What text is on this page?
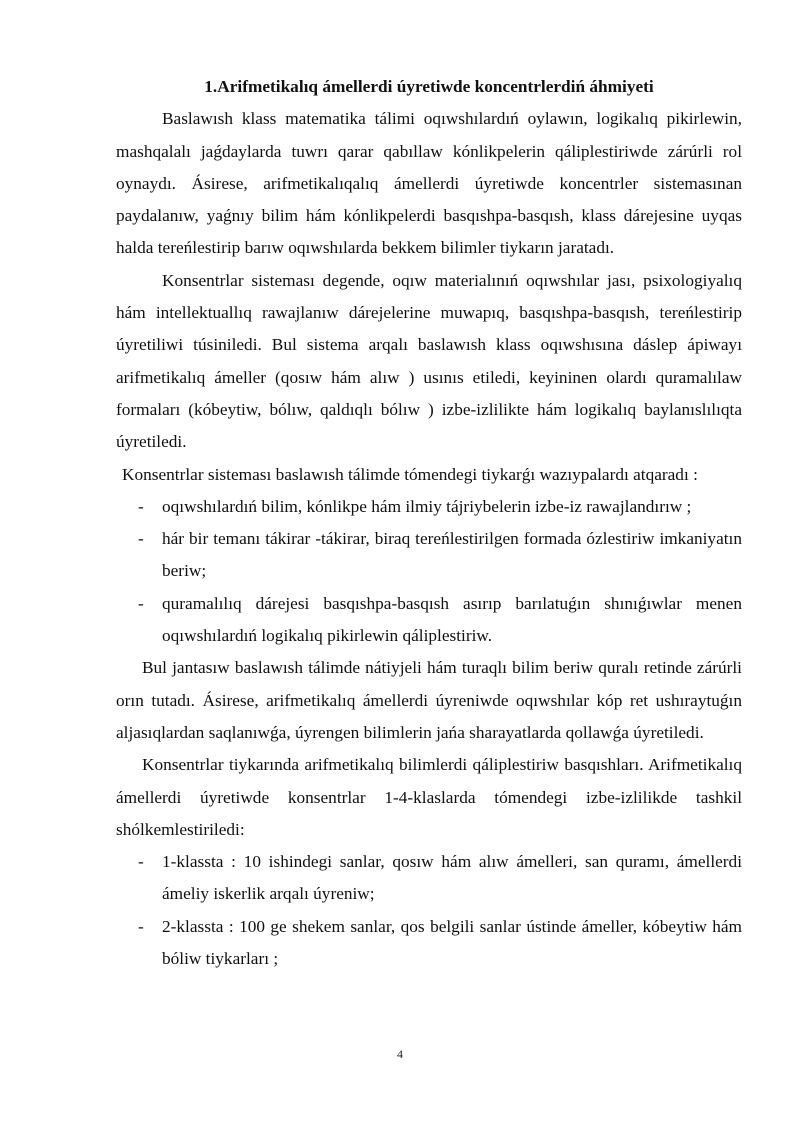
1.Arifmetikalıq ámellerdi úyretiwde koncentrlerdiń áhmiyeti

Baslawısh klass matematika tálimi oqıwshılardıń oylawın, logikalıq pikirlewin, mashqalalı jaǵdaylarda tuwrı qarar qabıllaw kónlikpelerin qáliplestiriwde zárúrli rol oynaydı. Ásirese, arifmetikalıqalıq ámellerdi úyretiwde koncentrler sistemasınan paydalanıw, yaǵnıy bilim hám kónlikpelerdi basqıshpa-basqısh, klass dárejesine uyqas halda tereńlestirip barıw oqıwshılarda bekkem bilimler tiykarın jaratadı.

Konsentrlar sisteması degende, oqıw materialınıń oqıwshılar jası, psixologiyalıq hám intellektuallıq rawajlanıw dárejelerine muwapıq, basqıshpa-basqısh, tereńlestirip úyretiliwi túsiniledi. Bul sistema arqalı baslawısh klass oqıwshısına dáslep ápiwayı arifmetikalıq ámeller (qosıw hám alıw ) usınıs etiledi, keyininen olardı quramalılaw formaları (kóbeytiw, bólıw, qaldıqlı bólıw ) izbe-izlilikte hám logikalıq baylanıslılıqta úyretiledi.

Konsentrlar sisteması baslawısh tálimde tómendegi tiykarǵı wazıypalardı atqaradı :

- oqıwshılardıń bilim, kónlikpe hám ilmiy tájriybelerin izbe-iz rawajlandırıw ;
- hár bir temanı tákirar -tákirar, biraq tereńlestirilgen formada ózlestiriw imkaniyatın beriw;
- quramalılıq dárejesi basqıshpa-basqısh asırıp barılatuǵın shınıǵıwlar menen oqıwshılardıń logikalıq pikirlewin qáliplestiriw.

Bul jantasıw baslawısh tálimde nátiyjeli hám turaqlı bilim beriw quralı retinde zárúrli orın tutadı. Ásirese, arifmetikalıq ámellerdi úyreniwde oqıwshılar kóp ret ushıraytuǵın aljasıqlardan saqlanıwǵa, úyrengen bilimlerin jańa sharayatlarda qollawǵa úyretiledi.

Konsentrlar tiykarında arifmetikalıq bilimlerdi qáliplestiriw basqıshları. Arifmetikalıq ámellerdi úyretiwde konsentrlar 1-4-klaslarda tómendegi izbe-izlilikde tashkil shólkemlestiriledi:

- 1-klassta : 10 ishindegi sanlar, qosıw hám alıw ámelleri, san quramı, ámellerdi ámeliy iskerlik arqalı úyreniw;
- 2-klassta : 100 ge shekem sanlar, qos belgili sanlar ústinde ámeller, kóbeytiw hám bóliw tiykarları ;
4
